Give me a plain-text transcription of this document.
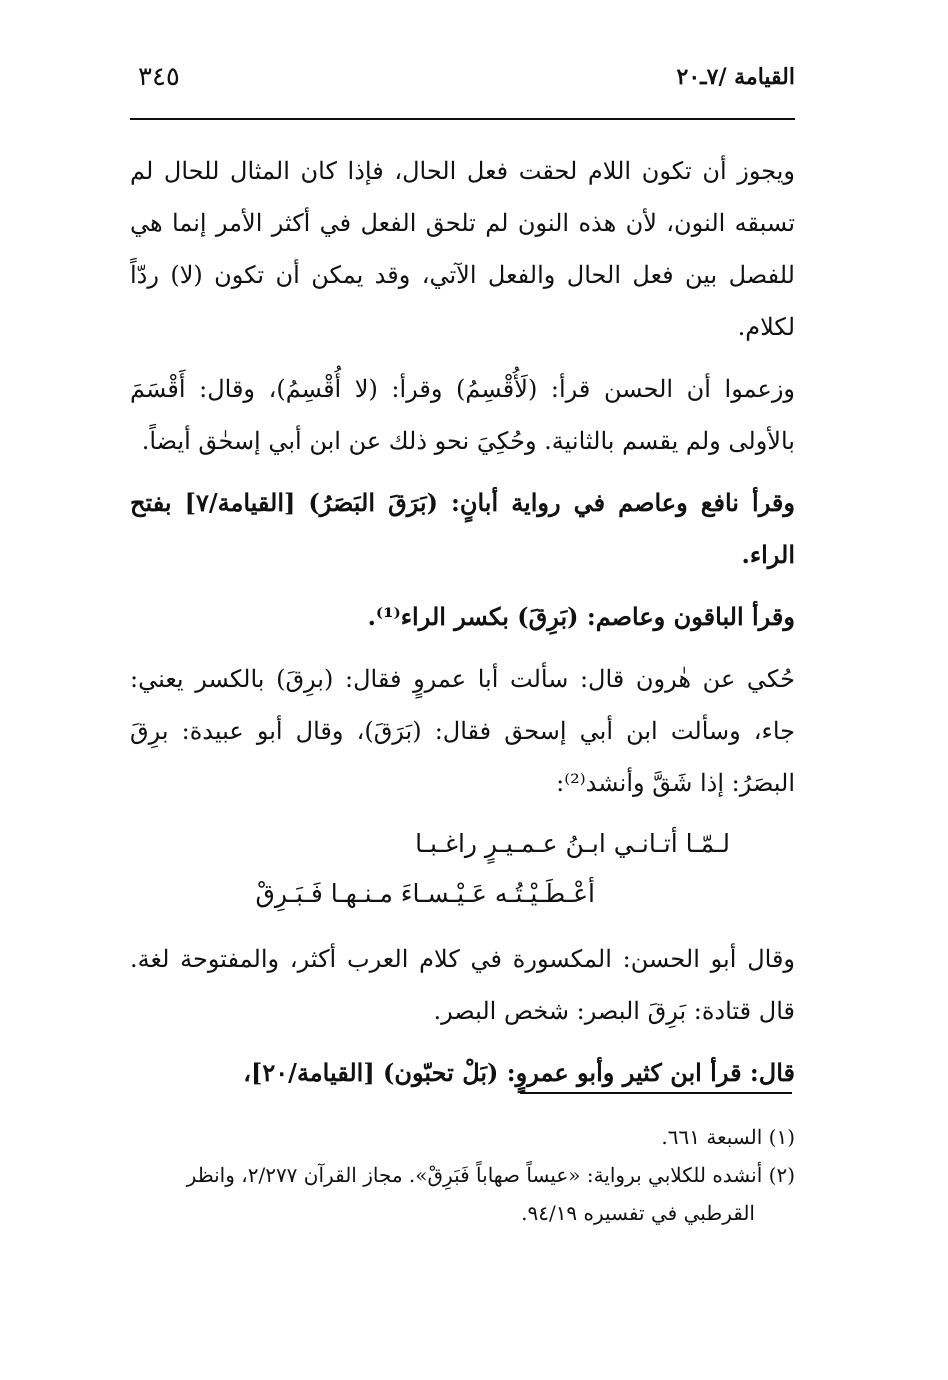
القيامة /٧ـ٢٠
٣٤٥

ويجوز أن تكون اللام لحقت فعل الحال، فإذا كان المثال للحال لم تسبقه النون، لأن هذه النون لم تلحق الفعل في أكثر الأمر إنما هي للفصل بين فعل الحال والفعل الآتي، وقد يمكن أن تكون (لا) ردّاً لكلام.

وزعموا أن الحسن قرأ: (لَأُقْسِمُ) وقرأ: (لا أُقْسِمُ)، وقال: أَقْسَمَ بالأولى ولم يقسم بالثانية. وحُكِيَ نحو ذلك عن ابن أبي إسحٰق أيضاً.

وقرأ نافع وعاصم في رواية أبانٍ: (بَرَقَ البَصَرُ) [القيامة/٧] بفتح الراء.

وقرأ الباقون وعاصم: (بَرِقَ) بكسر الراء⁽¹⁾.

حُكي عن هٰرون قال: سألت أبا عمروٍ فقال: (برِقَ) بالكسر يعني: جاء، وسألت ابن أبي إسحق فقال: (بَرَقَ)، وقال أبو عبيدة: برِقَ البصَرُ: إذا شَقَّ وأنشد⁽²⁾:

لـمّـا أتـانـي ابـنُ عـمـيـرٍ راغـبـا
أعْـطَـيْـتُـه عَـيْـسـاءَ مـنـهـا فَـبَـرِقْ

وقال أبو الحسن: المكسورة في كلام العرب أكثر، والمفتوحة لغة. قال قتادة: بَرِقَ البصر: شخص البصر.

قال: قرأ ابن كثير وأبو عمروٍ: (بَلْ تحبّون) [القيامة/٢٠]،

(١) السبعة ٦٦١.

(٢) أنشده للكلابي برواية: «عيساً صهاباً فَبَرِقْ». مجاز القرآن ٢/٢٧٧، وانظر

القرطبي في تفسيره ٩٤/١٩.
